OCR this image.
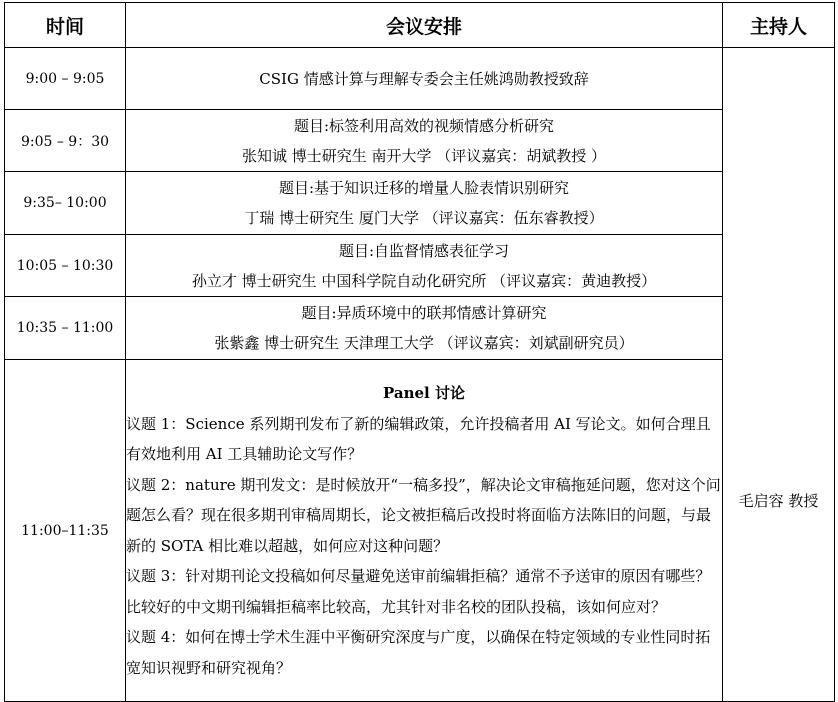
时间	会议安排	主持人
9:00 – 9:05	CSIG 情感计算与理解专委会主任姚鸿勋教授致辞	毛启容 教授
9:05 – 9：30	题目:标签利用高效的视频情感分析研究
张知诚 博士研究生 南开大学 （评议嘉宾：胡斌教授 ）	

9:35– 10:00	题目:基于知识迁移的增量人脸表情识别研究
丁瑞 博士研究生 厦门大学 （评议嘉宾：伍东睿教授）	

10:05 – 10:30	题目:自监督情感表征学习
孙立才 博士研究生 中国科学院自动化研究所 （评议嘉宾：黄迪教授）	

10:35 – 11:00	题目:异质环境中的联邦情感计算研究
张紫鑫 博士研究生 天津理工大学 （评议嘉宾：刘斌副研究员）	

11:00–11:35	Panel 讨论
议题 1：Science 系列期刊发布了新的编辑政策，允许投稿者用 AI 写论文。如何合理且有效地利用 AI 工具辅助论文写作？
议题 2：nature 期刊发文：是时候放开“一稿多投”，解决论文审稿拖延问题，您对这个问题怎么看？现在很多期刊审稿周期长，论文被拒稿后改投时将面临方法陈旧的问题，与最新的 SOTA 相比难以超越，如何应对这种问题？
议题 3：针对期刊论文投稿如何尽量避免送审前编辑拒稿？通常不予送审的原因有哪些？比较好的中文期刊编辑拒稿率比较高，尤其针对非名校的团队投稿，该如何应对？
议题 4：如何在博士学术生涯中平衡研究深度与广度，以确保在特定领域的专业性同时拓宽知识视野和研究视角？	
